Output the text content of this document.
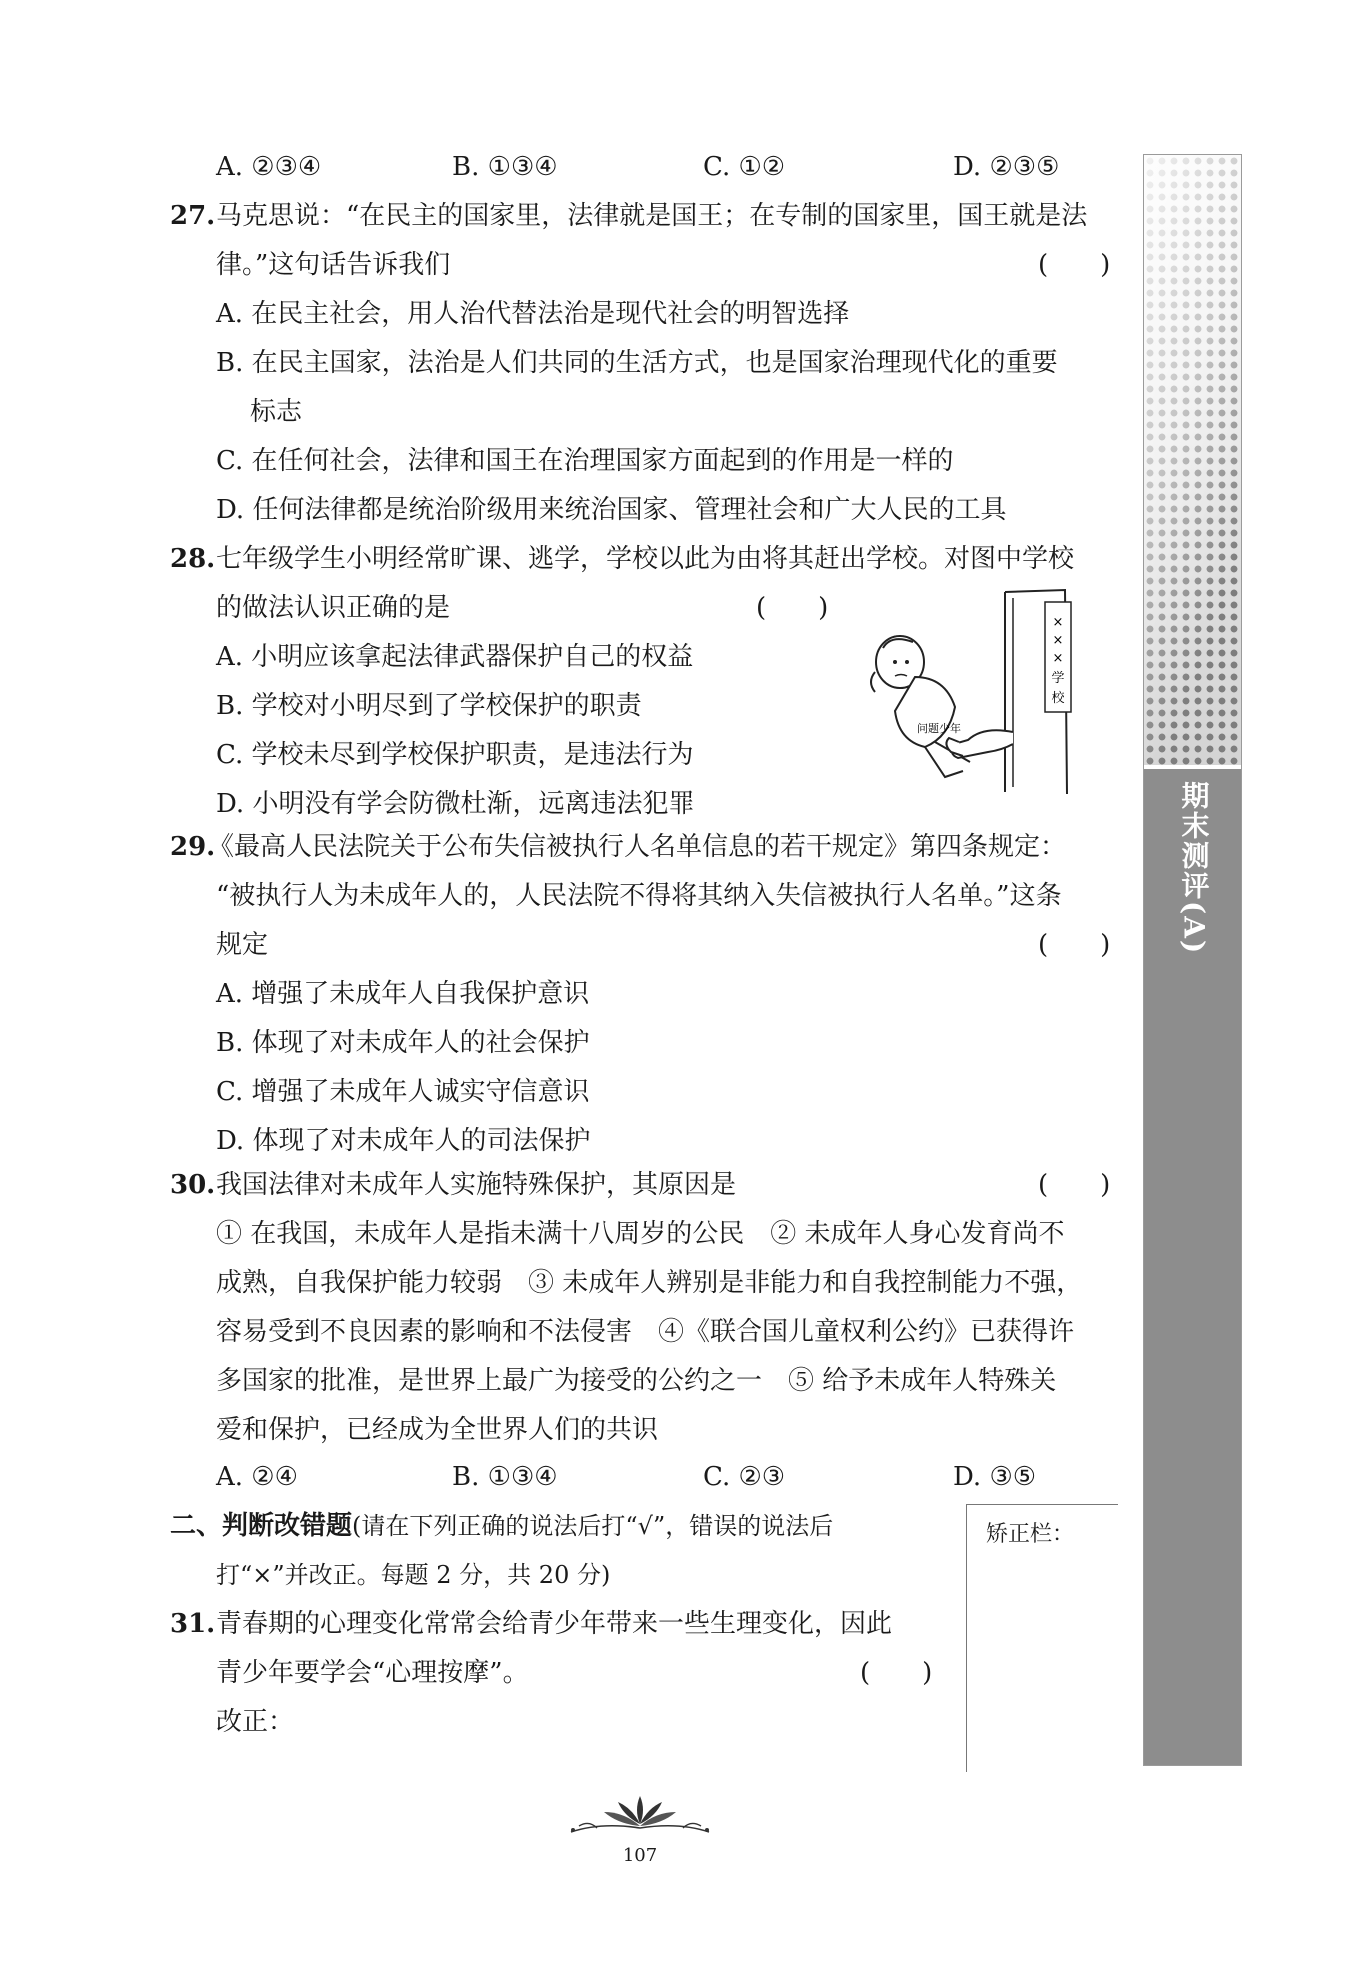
A. ②③④	B. ①③④	C. ①②	D. ②③⑤
27. 马克思说：“在民主的国家里，法律就是国王；在专制的国家里，国王就是法
律。”这句话告诉我们	(　　)
A. 在民主社会，用人治代替法治是现代社会的明智选择
B. 在民主国家，法治是人们共同的生活方式，也是国家治理现代化的重要
标志
C. 在任何社会，法律和国王在治理国家方面起到的作用是一样的
D. 任何法律都是统治阶级用来统治国家、管理社会和广大人民的工具
28. 七年级学生小明经常旷课、逃学，学校以此为由将其赶出学校。对图中学校
的做法认识正确的是	(　　)
A. 小明应该拿起法律武器保护自己的权益
B. 学校对小明尽到了学校保护的职责
C. 学校未尽到学校保护职责，是违法行为
D. 小明没有学会防微杜渐，远离违法犯罪
×
×
×
学
校
问题少年
29.
《最高人民法院关于公布失信被执行人名单信息的若干规定》第四条规定：
“被执行人为未成年人的，人民法院不得将其纳入失信被执行人名单。”这条
规定	(　　)
A. 增强了未成年人自我保护意识
B. 体现了对未成年人的社会保护
C. 增强了未成年人诚实守信意识
D. 体现了对未成年人的司法保护
30. 我国法律对未成年人实施特殊保护，其原因是	(　　)
① 在我国，未成年人是指未满十八周岁的公民　② 未成年人身心发育尚不
成熟，自我保护能力较弱　③ 未成年人辨别是非能力和自我控制能力不强，
容易受到不良因素的影响和不法侵害　④《联合国儿童权利公约》已获得许
多国家的批准，是世界上最广为接受的公约之一　⑤ 给予未成年人特殊关
爱和保护，已经成为全世界人们的共识
A. ②④	B. ①③④	C. ②③	D. ③⑤
二、判断改错题(请在下列正确的说法后打“√”，错误的说法后
打“×”并改正。每题 2 分，共 20 分)
31. 青春期的心理变化常常会给青少年带来一些生理变化，因此
青少年要学会“心理按摩”。	(　　)
改正：
矫正栏：
期末测评(A)
107
